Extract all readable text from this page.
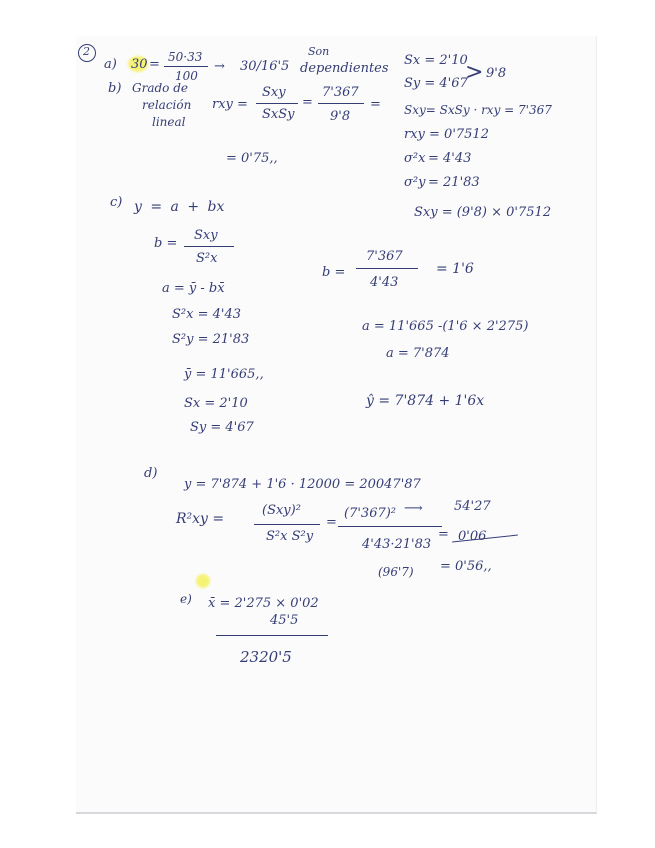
2
a) 30 = 50·33
100
→ 30/16'5
Son
dependientes
Sx = 2'10
Sy = 4'67
> 9'8
Sxy= SxSy · rxy = 7'367
rxy = 0'7512
σ²x = 4'43
σ²y = 21'83
Sxy = (9'8) × 0'7512
b) Grado de
relación
lineal
rxy =
Sxy
SxSy
=
7'367
9'8
=
= 0'75,,
c) y = a + bx
b =
Sxy
S²x
a = ȳ - bx̄
S²x = 4'43
S²y = 21'83
ȳ = 11'665,,
Sx = 2'10
Sy = 4'67
b =
7'367
4'43
= 1'6
a = 11'665 -(1'6 × 2'275)
a = 7'874
ŷ = 7'874 + 1'6x
d)
y = 7'874 + 1'6 · 12000 = 20047'87
R²xy =
(Sxy)²
S²x S²y
=
(7'367)² ⟶ 54'27
4'43·21'83
= 0'06
(96'7) = 0'56,,
e) x̄ = 2'275 × 0'02
45'5
2320'5
